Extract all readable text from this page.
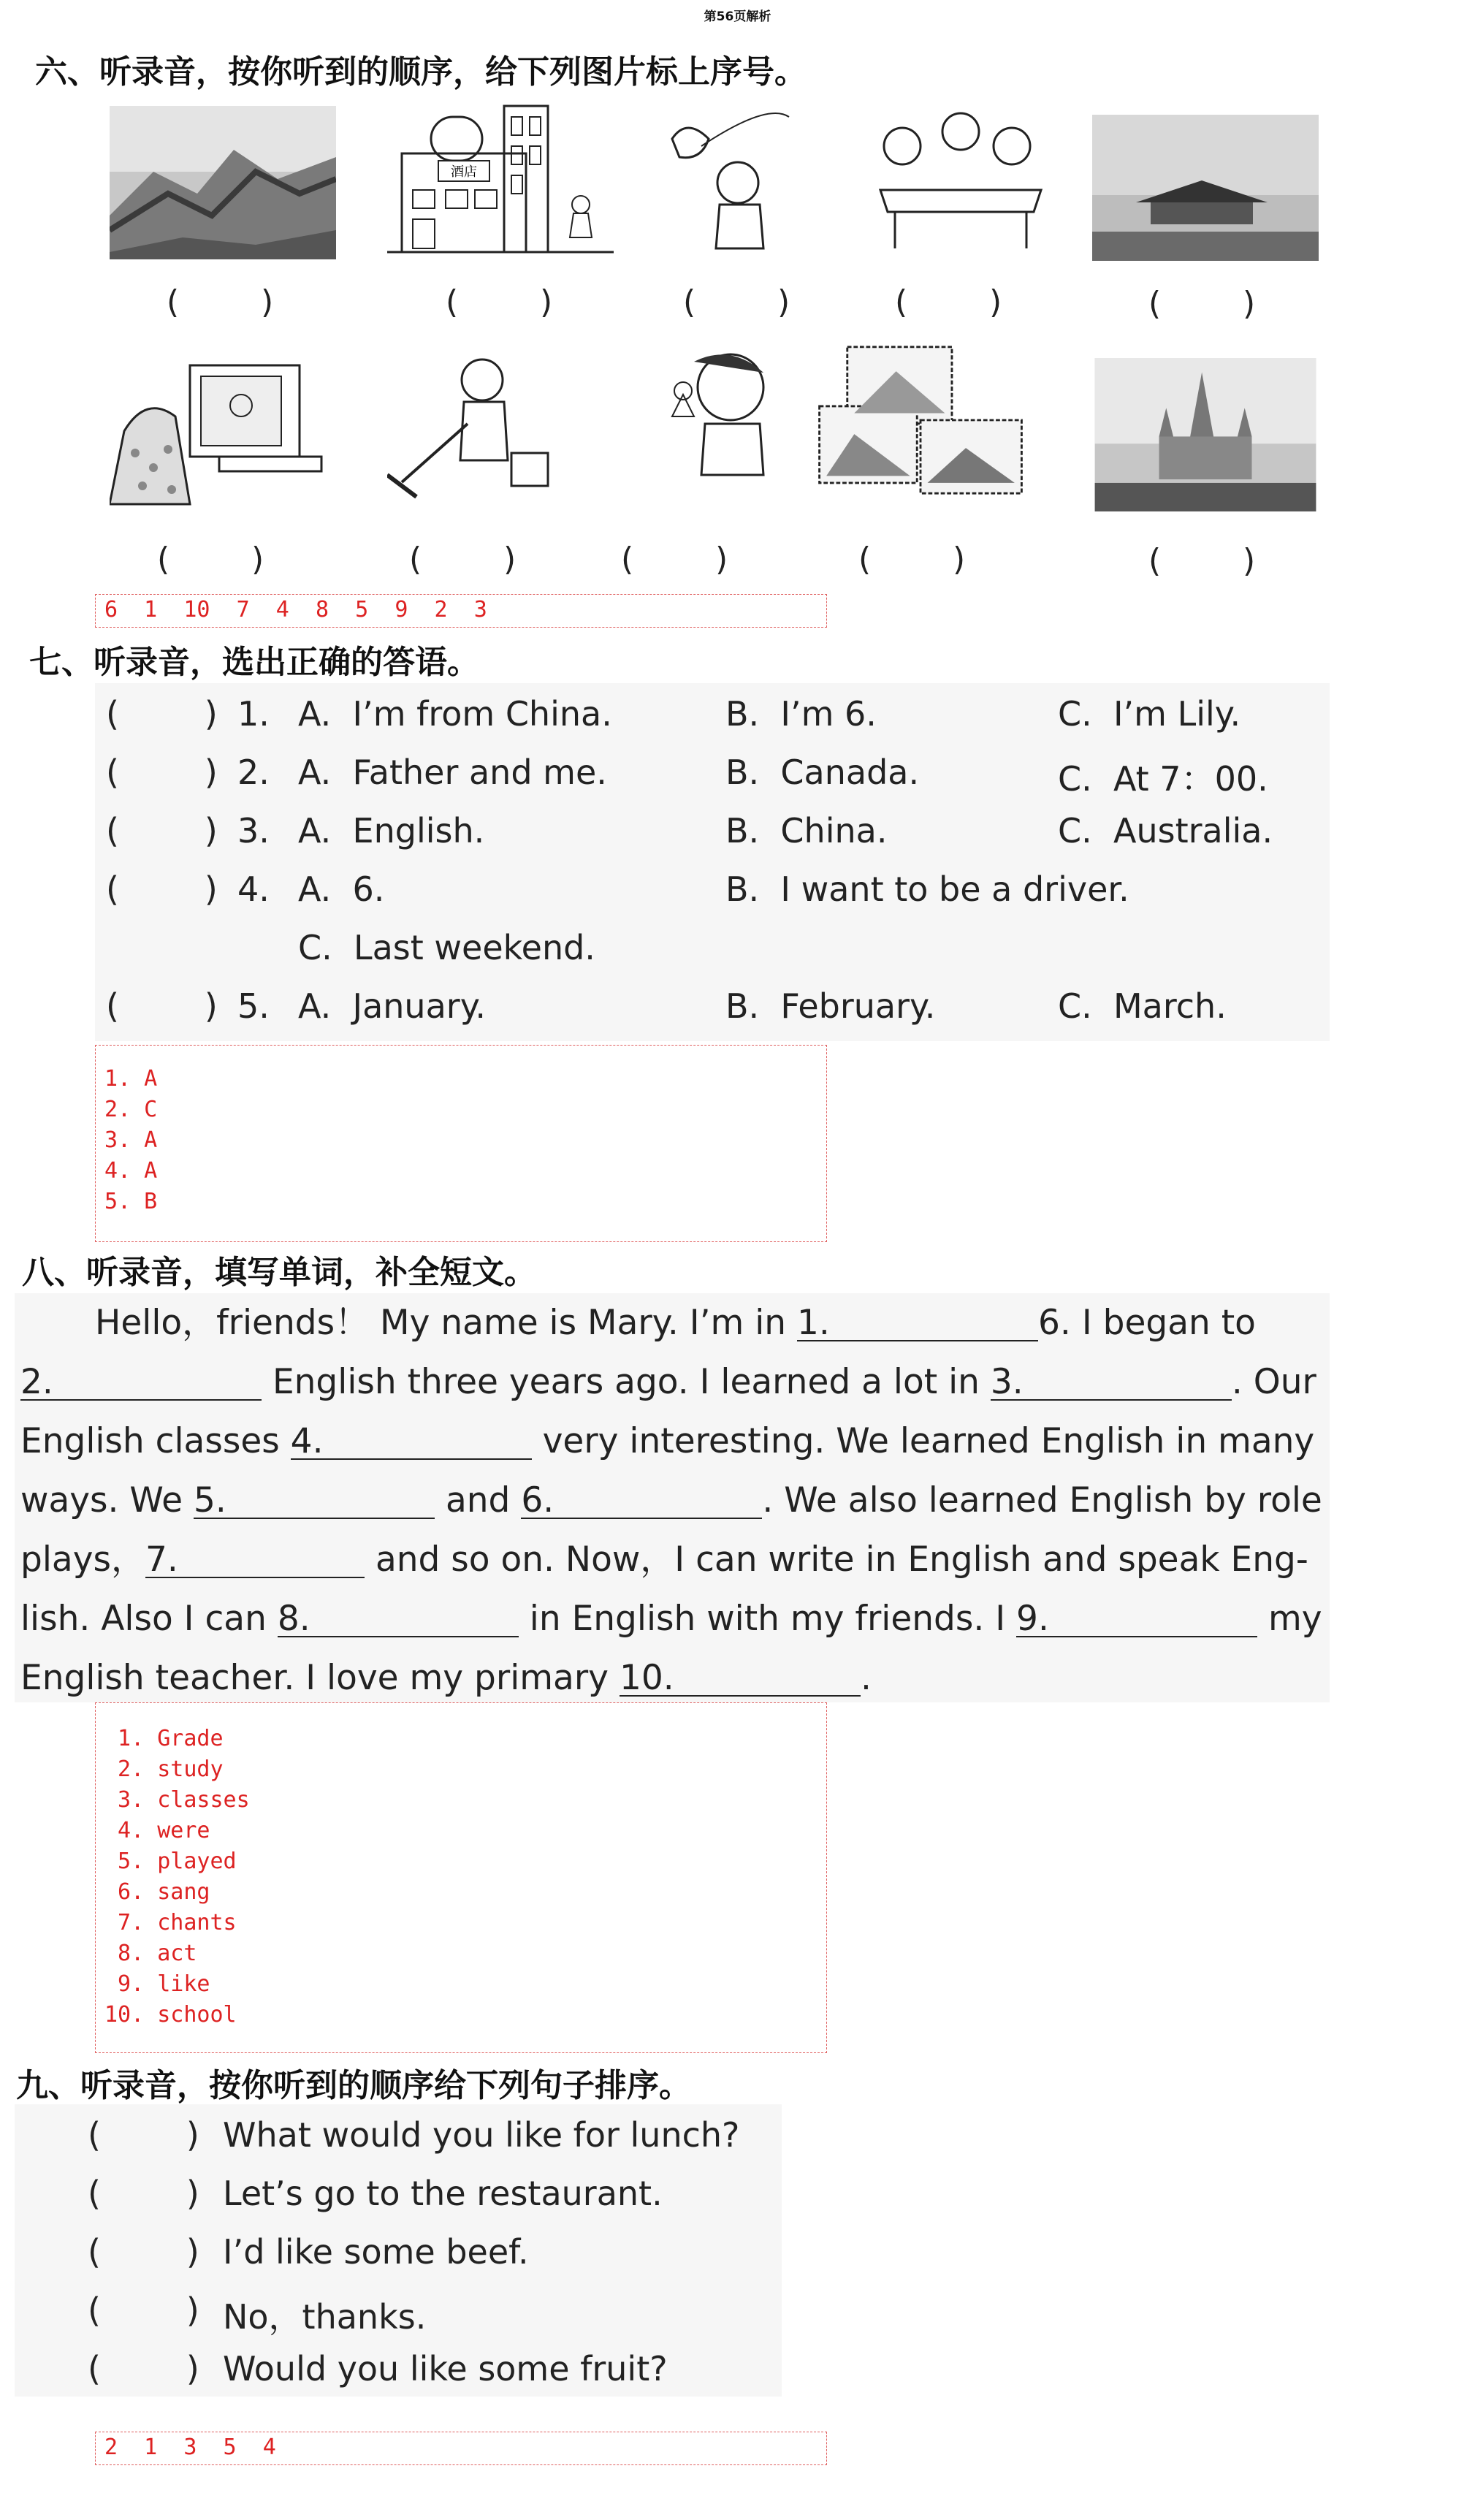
第56页解析
六、听录音，按你听到的顺序，给下列图片标上序号。
酒店
(        )	(        )	(        )	(        )	(        )
(        )	(        )	(        )	(        )	(        )
6  1  10  7  4  8  5  9  2  3
七、听录音，选出正确的答语。
(        ) 1. A.  I’m from China.	B.  I’m 6.	C.  I’m Lily.
(        ) 2. A.  Father and me.	B.  Canada.	C.  At 7：00.
(        ) 3. A.  English.	B.  China.	C.  Australia.
(        ) 4. A.  6.	B.  I want to be a driver.
C.  Last weekend.
(        ) 5. A.  January.	B.  February.	C.  March.
1. A
2. C
3. A
4. A
5. B
八、听录音，填写单词，补全短文。
Hello，friends！ My name is Mary. I’m in 1.	6. I began to
2.	English three years ago. I learned a lot in 3.	. Our
English classes 4.	very interesting. We learned English in many
ways. We 5.	and 6.	. We also learned English by role
plays，7.	and so on. Now，I can write in English and speak Eng-
lish. Also I can 8.	in English with my friends. I 9.	my
English teacher. I love my primary 10.	.
1. Grade
2. study
3. classes
4. were
5. played
6. sang
7. chants
8. act
9. like
10. school
九、听录音，按你听到的顺序给下列句子排序。
(        ) What would you like for lunch?
(        ) Let’s go to the restaurant.
(        ) I’d like some beef.
(        ) No，thanks.
(        ) Would you like some fruit?
2  1  3  5  4
